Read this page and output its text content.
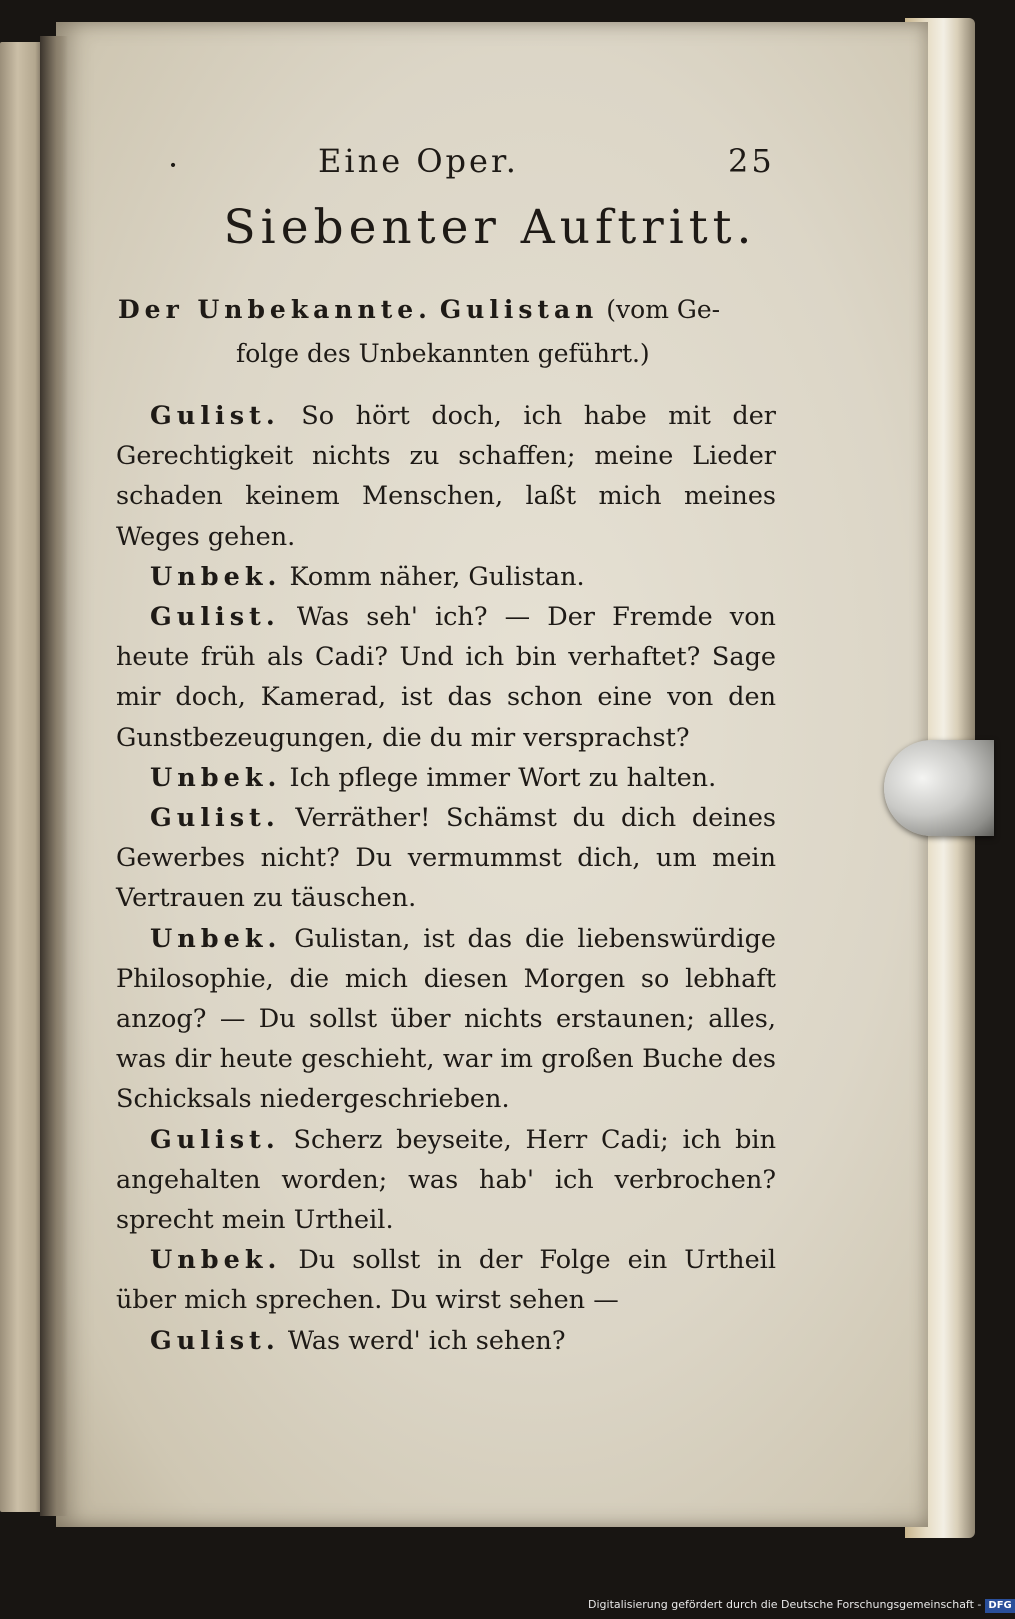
·	Eine Oper.	25
Siebenter Auftritt.
Der Unbekannte. Gulistan (vom Ge-
folge des Unbekannten geführt.)

Gulist. So hört doch, ich habe mit der Gerechtigkeit nichts zu schaffen; meine Lieder schaden keinem Menschen, laßt mich meines Weges gehen.

Unbek. Komm näher, Gulistan.

Gulist. Was seh' ich? — Der Fremde von heute früh als Cadi? Und ich bin verhaftet? Sage mir doch, Kamerad, ist das schon eine von den Gunstbezeugungen, die du mir versprachst?

Unbek. Ich pflege immer Wort zu halten.

Gulist. Verräther! Schämst du dich deines Gewerbes nicht? Du vermummst dich, um mein Vertrauen zu täuschen.

Unbek. Gulistan, ist das die liebenswürdige Philosophie, die mich diesen Morgen so lebhaft anzog? — Du sollst über nichts erstaunen; alles, was dir heute geschieht, war im großen Buche des Schicksals niedergeschrieben.

Gulist. Scherz beyseite, Herr Cadi; ich bin angehalten worden; was hab' ich verbrochen? sprecht mein Urtheil.

Unbek. Du sollst in der Folge ein Urtheil über mich sprechen. Du wirst sehen —

Gulist. Was werd' ich sehen?

Digitalisierung gefördert durch die Deutsche Forschungsgemeinschaft - DFG
